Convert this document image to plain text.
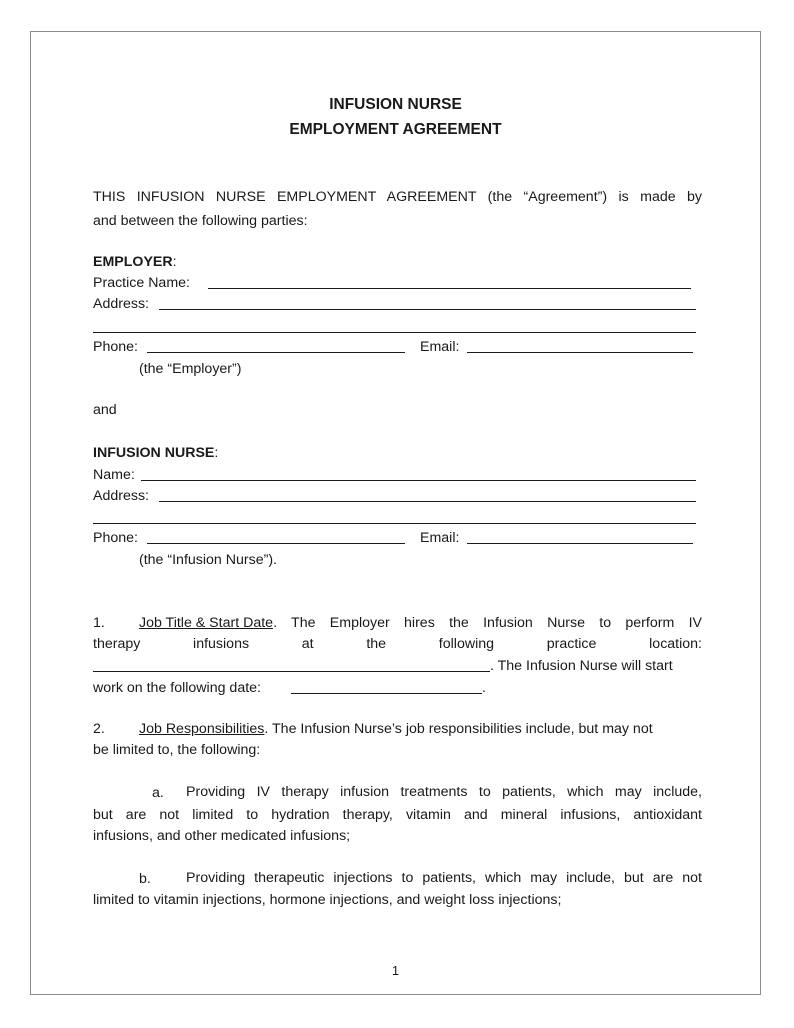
INFUSION NURSE
EMPLOYMENT AGREEMENT
THIS INFUSION NURSE EMPLOYMENT AGREEMENT (the “Agreement”) is made by
and between the following parties:
EMPLOYER:
Practice Name:
Address:
Phone:	Email:
(the “Employer”)
and
INFUSION NURSE:
Name:
Address:
Phone:	Email:
(the “Infusion Nurse”).
1. Job Title & Start Date . The Employer hires the Infusion Nurse to perform IV
therapy infusions at the following practice location:
. The Infusion Nurse will start
work on the following date:	.
2. Job Responsibilities. The Infusion Nurse’s job responsibilities include, but may not
be limited to, the following:
a. Providing IV therapy infusion treatments to patients, which may include,
but are not limited to hydration therapy, vitamin and mineral infusions, antioxidant
infusions, and other medicated infusions;
b. Providing therapeutic injections to patients, which may include, but are not
limited to vitamin injections, hormone injections, and weight loss injections;
1
